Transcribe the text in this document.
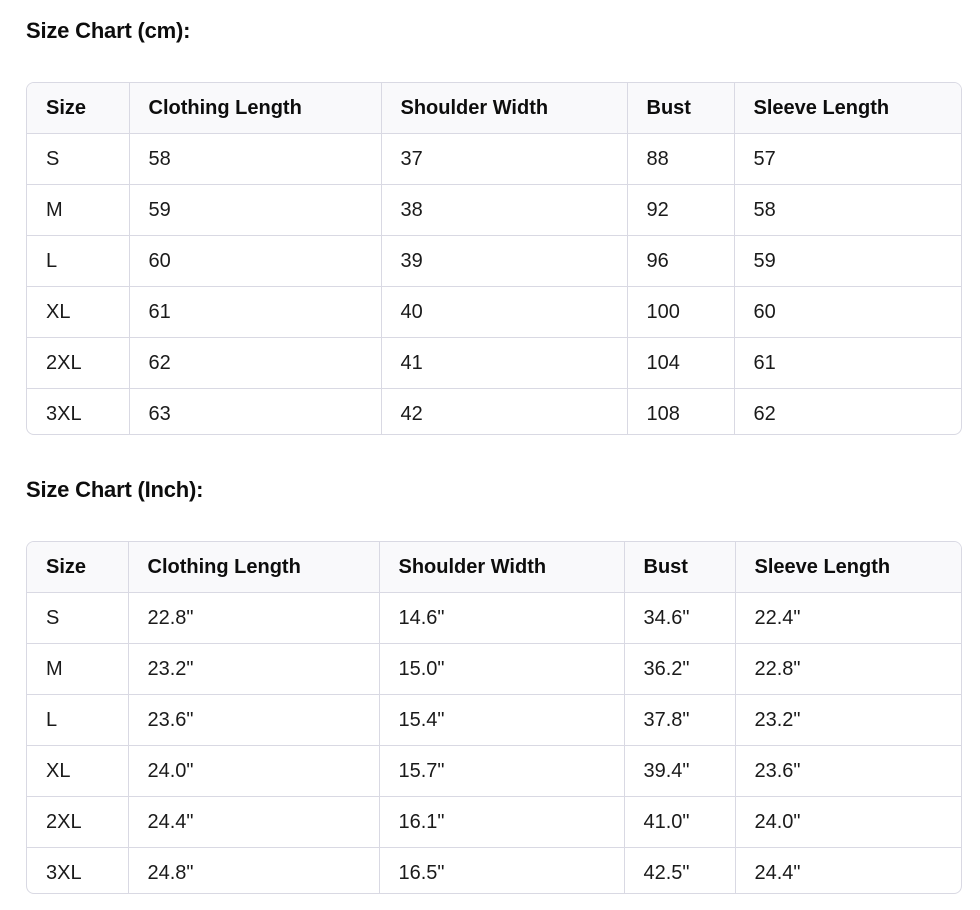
Size Chart (cm):
Size	Clothing Length	Shoulder Width	Bust	Sleeve Length
S	58	37	88	57
M	59	38	92	58
L	60	39	96	59
XL	61	40	100	60
2XL	62	41	104	61
3XL	63	42	108	62
Size Chart (Inch):
Size	Clothing Length	Shoulder Width	Bust	Sleeve Length
S	22.8"	14.6"	34.6"	22.4"
M	23.2"	15.0"	36.2"	22.8"
L	23.6"	15.4"	37.8"	23.2"
XL	24.0"	15.7"	39.4"	23.6"
2XL	24.4"	16.1"	41.0"	24.0"
3XL	24.8"	16.5"	42.5"	24.4"
